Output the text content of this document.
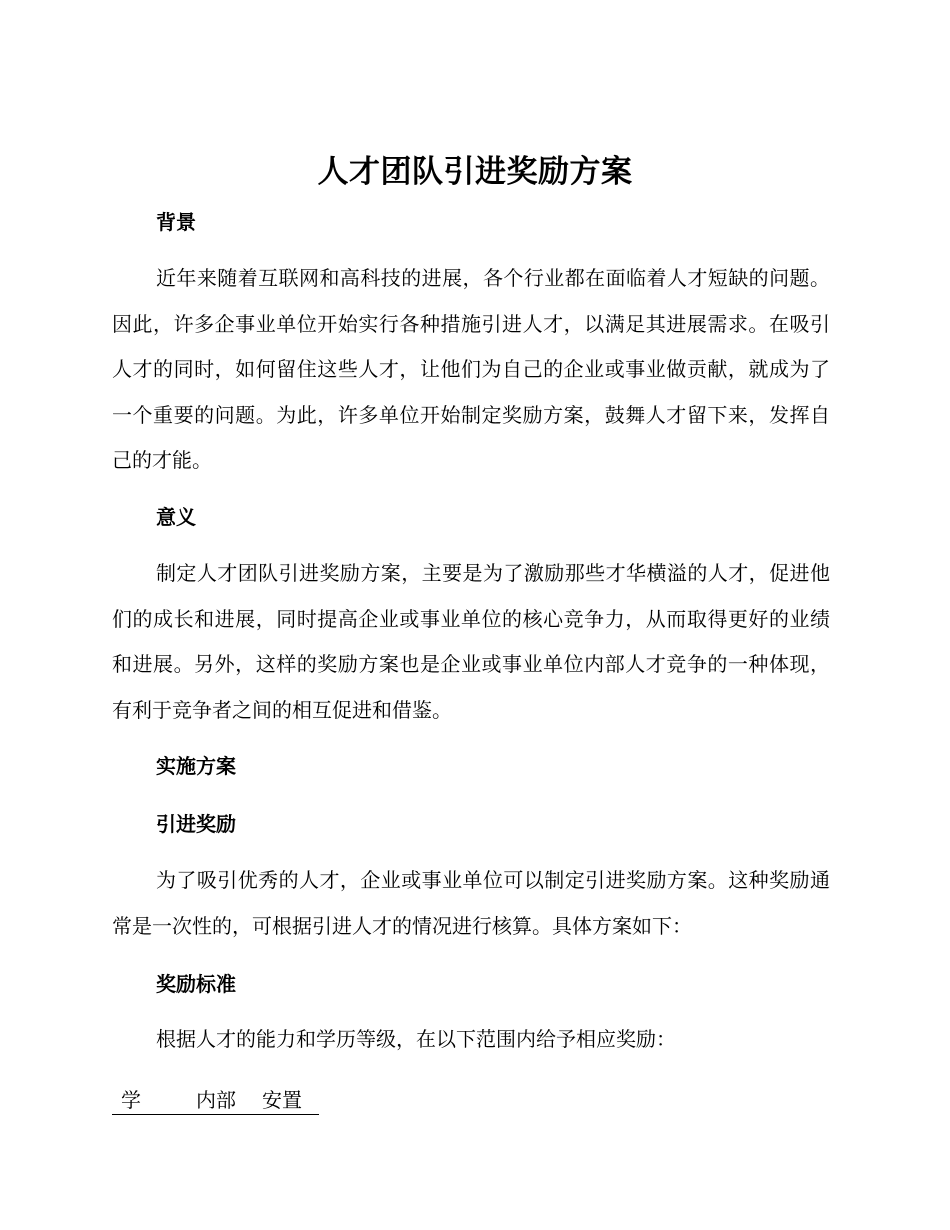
人才团队引进奖励方案
背景

近年来随着互联网和高科技的进展，各个行业都在面临着人才短缺的问题。因此，许多企事业单位开始实行各种措施引进人才，以满足其进展需求。在吸引人才的同时，如何留住这些人才，让他们为自己的企业或事业做贡献，就成为了一个重要的问题。为此，许多单位开始制定奖励方案，鼓舞人才留下来，发挥自己的才能。

意义

制定人才团队引进奖励方案，主要是为了激励那些才华横溢的人才，促进他们的成长和进展，同时提高企业或事业单位的核心竞争力，从而取得更好的业绩和进展。另外，这样的奖励方案也是企业或事业单位内部人才竞争的一种体现，有利于竞争者之间的相互促进和借鉴。

实施方案
引进奖励

为了吸引优秀的人才，企业或事业单位可以制定引进奖励方案。这种奖励通常是一次性的，可根据引进人才的情况进行核算。具体方案如下：

奖励标准

根据人才的能力和学历等级，在以下范围内给予相应奖励：

学	内部 安置
